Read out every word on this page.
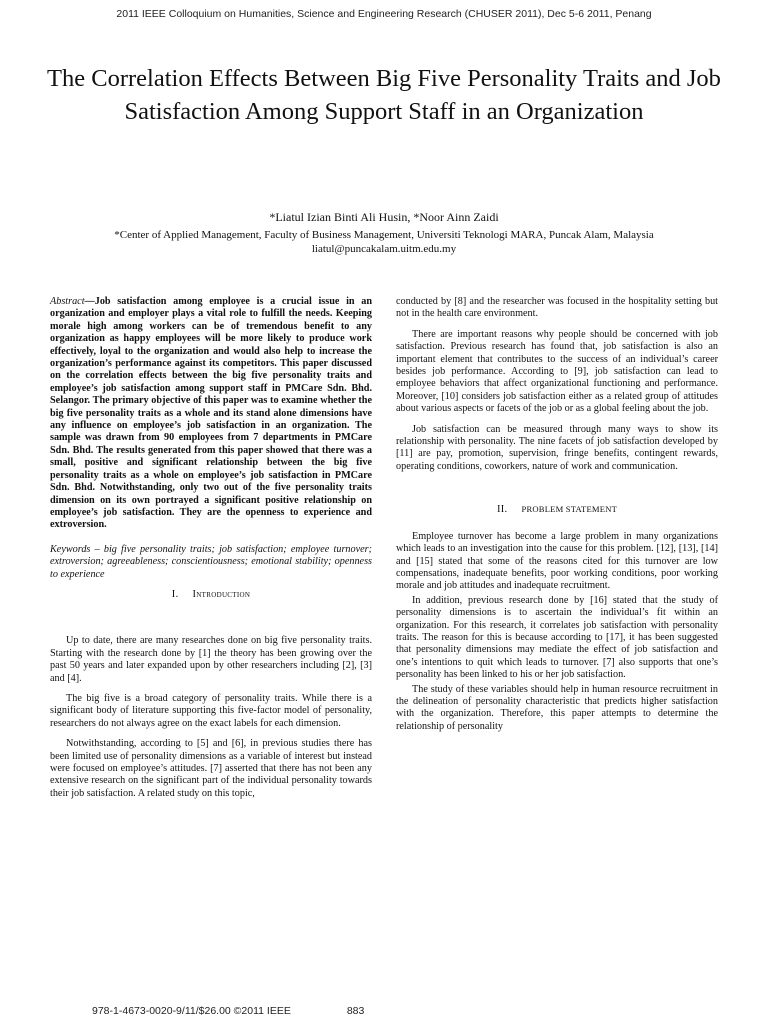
2011 IEEE Colloquium on Humanities, Science and Engineering Research (CHUSER 2011), Dec 5-6 2011, Penang
The Correlation Effects Between Big Five Personality Traits and Job Satisfaction Among Support Staff in an Organization
*Liatul Izian Binti Ali Husin, *Noor Ainn Zaidi
*Center of Applied Management, Faculty of Business Management, Universiti Teknologi MARA, Puncak Alam, Malaysia
liatul@puncakalam.uitm.edu.my

Abstract—Job satisfaction among employee is a crucial issue in an organization and employer plays a vital role to fulfill the needs. Keeping morale high among workers can be of tremendous benefit to any organization as happy employees will be more likely to produce work effectively, loyal to the organization and would also help to increase the organization’s performance against its competitors. This paper discussed on the correlation effects between the big five personality traits and employee’s job satisfaction among support staff in PMCare Sdn. Bhd. Selangor. The primary objective of this paper was to examine whether the big five personality traits as a whole and its stand alone dimensions have any influence on employee’s job satisfaction in an organization. The sample was drawn from 90 employees from 7 departments in PMCare Sdn. Bhd. The results generated from this paper showed that there was a small, positive and significant relationship between the big five personality traits as a whole on employee’s job satisfaction in PMCare Sdn. Bhd. Notwithstanding, only two out of the five personality traits dimension on its own portrayed a significant positive relationship on employee’s job satisfaction. They are the openness to experience and extroversion.

Keywords – big five personality traits; job satisfaction; employee turnover; extroversion; agreeableness; conscientiousness; emotional stability; openness to experience

I. Introduction

Up to date, there are many researches done on big five personality traits. Starting with the research done by [1] the theory has been growing over the past 50 years and later expanded upon by other researchers including [2], [3] and [4].

The big five is a broad category of personality traits. While there is a significant body of literature supporting this five-factor model of personality, researchers do not always agree on the exact labels for each dimension.

Notwithstanding, according to [5] and [6], in previous studies there has been limited use of personality dimensions as a variable of interest but instead were focused on employee’s attitudes. [7] asserted that there has not been any extensive research on the significant part of the individual personality towards their job satisfaction. A related study on this topic,

conducted by [8] and the researcher was focused in the hospitality setting but not in the health care environment.

There are important reasons why people should be concerned with job satisfaction. Previous research has found that, job satisfaction is also an important element that contributes to the success of an individual’s career besides job performance. According to [9], job satisfaction can lead to employee behaviors that affect organizational functioning and performance. Moreover, [10] considers job satisfaction either as a related group of attitudes about various aspects or facets of the job or as a global feeling about the job.

Job satisfaction can be measured through many ways to show its relationship with personality. The nine facets of job satisfaction developed by [11] are pay, promotion, supervision, fringe benefits, contingent rewards, operating conditions, coworkers, nature of work and communication.

II. PROBLEM STATEMENT

Employee turnover has become a large problem in many organizations which leads to an investigation into the cause for this problem. [12], [13], [14] and [15] stated that some of the reasons cited for this turnover are low compensations, inadequate benefits, poor working conditions, poor working morale and job attitudes and inadequate recruitment.

In addition, previous research done by [16] stated that the study of personality dimensions is to ascertain the individual’s fit within an organization. For this research, it correlates job satisfaction with personality traits. The reason for this is because according to [17], it has been suggested that personality dimensions may mediate the effect of job satisfaction and one’s intentions to quit which leads to turnover. [7] also supports that one’s personality has been linked to his or her job satisfaction.

The study of these variables should help in human resource recruitment in the delineation of personality characteristic that predicts higher satisfaction with the organization. Therefore, this paper attempts to determine the relationship of personality

978-1-4673-0020-9/11/$26.00 ©2011 IEEE	883
